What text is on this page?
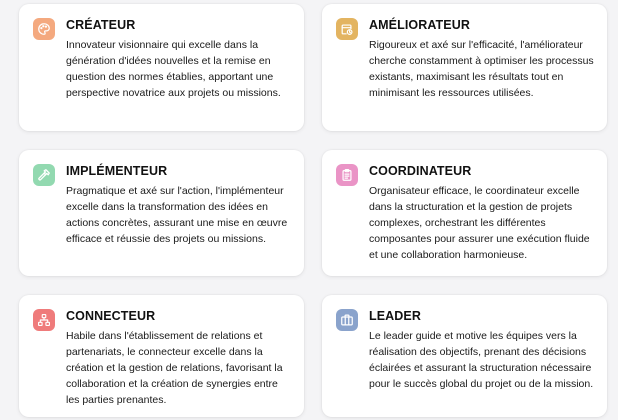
CRÉATEUR
Innovateur visionnaire qui excelle dans la génération d'idées nouvelles et la remise en question des normes établies, apportant une perspective novatrice aux projets ou missions.
AMÉLIORATEUR
Rigoureux et axé sur l'efficacité, l'améliorateur cherche constamment à optimiser les processus existants, maximisant les résultats tout en minimisant les ressources utilisées.
IMPLÉMENTEUR
Pragmatique et axé sur l'action, l'implémenteur excelle dans la transformation des idées en actions concrètes, assurant une mise en œuvre efficace et réussie des projets ou missions.
COORDINATEUR
Organisateur efficace, le coordinateur excelle dans la structuration et la gestion de projets complexes, orchestrant les différentes composantes pour assurer une exécution fluide et une collaboration harmonieuse.
CONNECTEUR
Habile dans l'établissement de relations et partenariats, le connecteur excelle dans la création et la gestion de relations, favorisant la collaboration et la création de synergies entre les parties prenantes.
LEADER
Le leader guide et motive les équipes vers la réalisation des objectifs, prenant des décisions éclairées et assurant la structuration nécessaire pour le succès global du projet ou de la mission.
